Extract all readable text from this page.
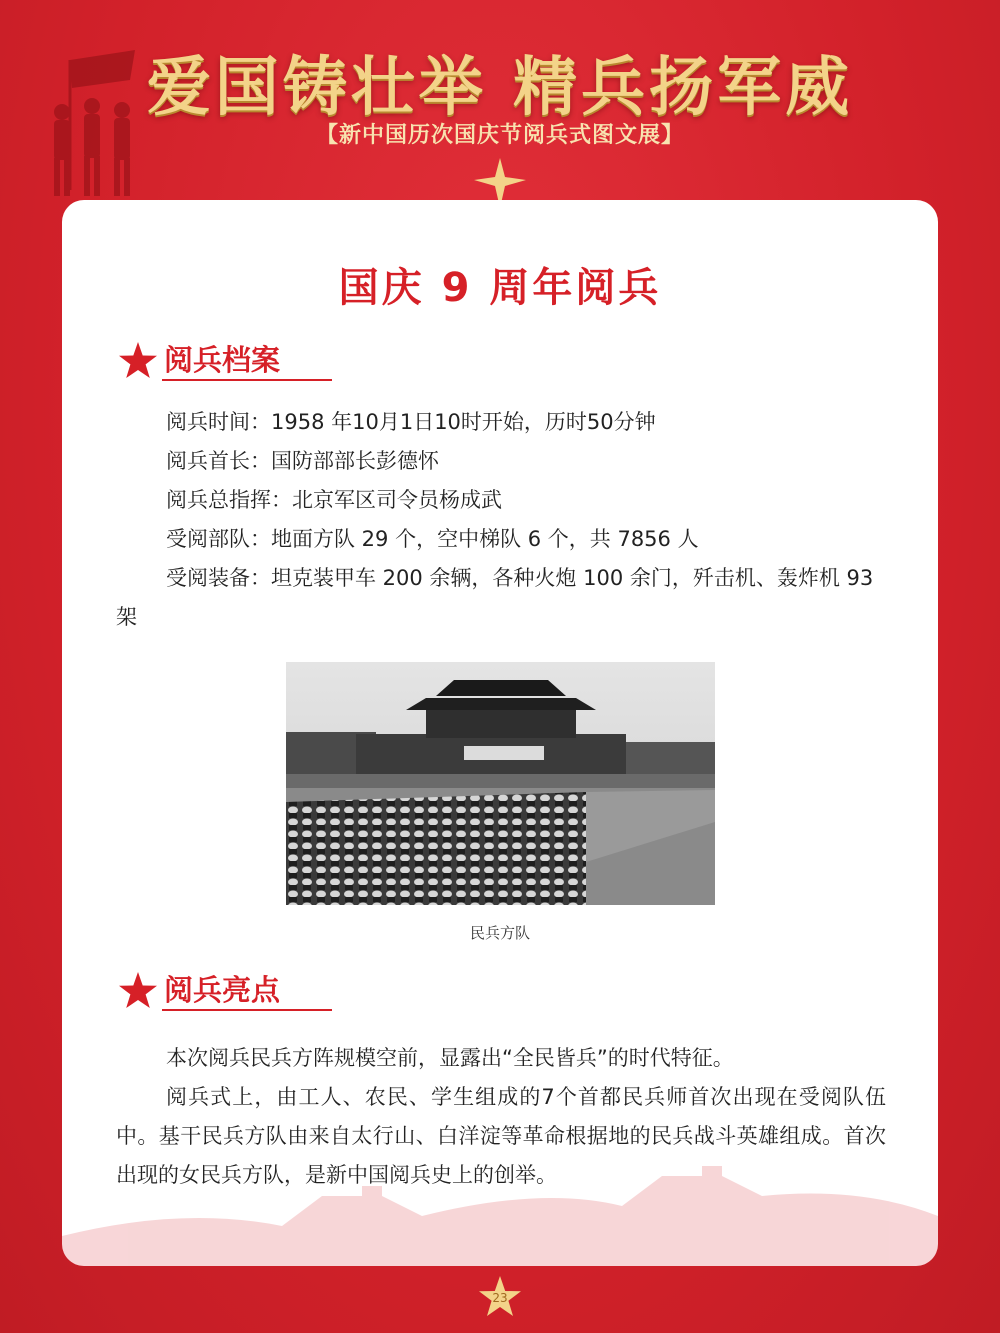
爱国铸壮举 精兵扬军威
【新中国历次国庆节阅兵式图文展】
国庆 9 周年阅兵
阅兵档案

阅兵时间：1958 年10月1日10时开始，历时50分钟

阅兵首长：国防部部长彭德怀

阅兵总指挥：北京军区司令员杨成武

受阅部队：地面方队 29 个，空中梯队 6 个，共 7856 人

受阅装备：坦克装甲车 200 余辆，各种火炮 100 余门，歼击机、轰炸机 93 架

民兵方队
阅兵亮点

本次阅兵民兵方阵规模空前，显露出“全民皆兵”的时代特征。

阅兵式上，由工人、农民、学生组成的7个首都民兵师首次出现在受阅队伍中。基干民兵方队由来自太行山、白洋淀等革命根据地的民兵战斗英雄组成。首次出现的女民兵方队，是新中国阅兵史上的创举。

23
